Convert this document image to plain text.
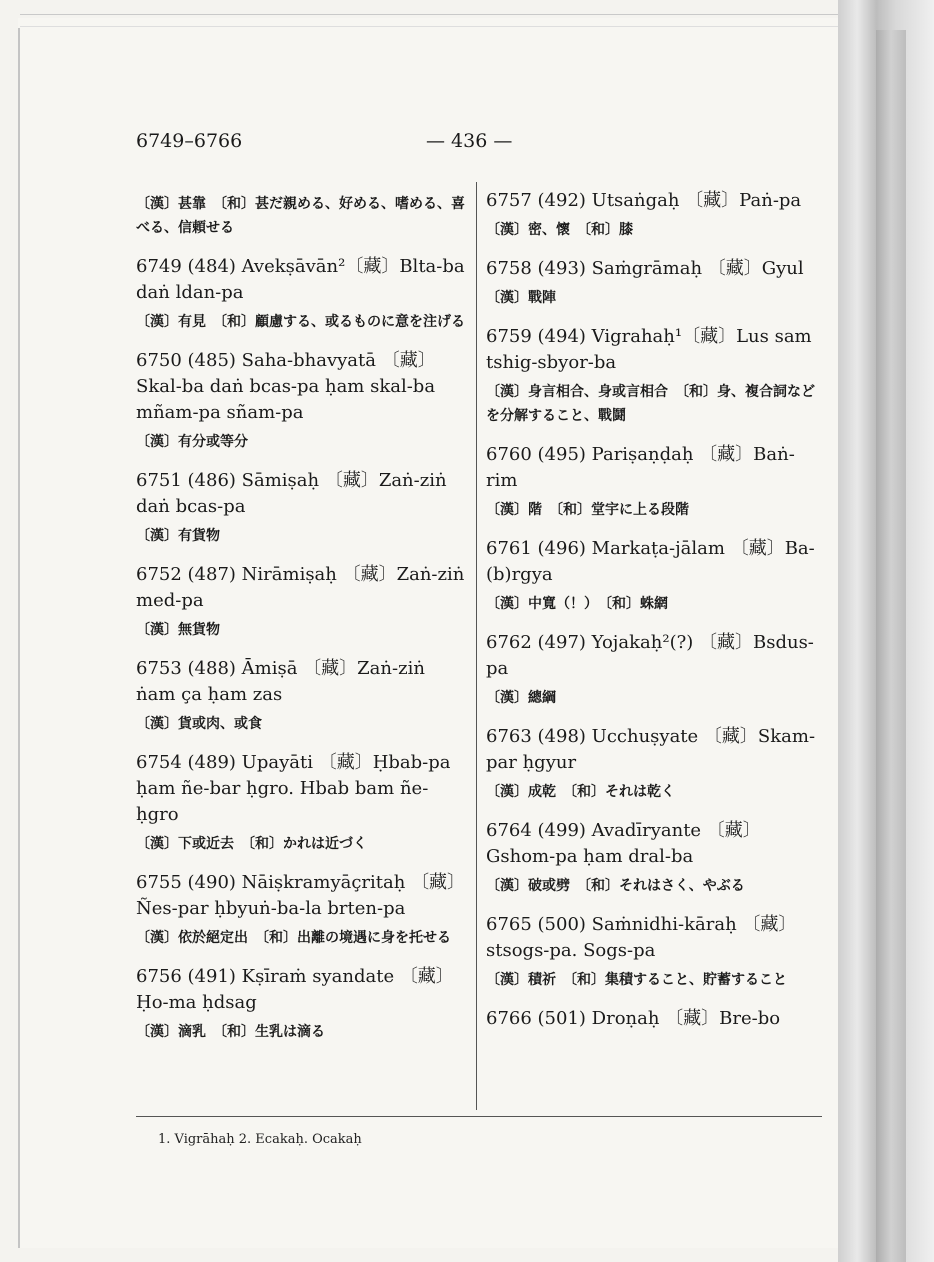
6749–6766	— 436 —
〔漢〕甚靠　〔和〕甚だ親める、好める、嗜める、喜べる、信頼せる
6749 (484) Avekṣāvān²〔藏〕Blta-ba daṅ ldan-pa
〔漢〕有見　〔和〕顧慮する、或るものに意を注げる
6750 (485) Saha-bhavyatā 〔藏〕Skal-ba daṅ bcas-pa ḥam skal-ba mñam-pa sñam-pa
〔漢〕有分或等分
6751 (486) Sāmiṣaḥ 〔藏〕Zaṅ-ziṅ daṅ bcas-pa
〔漢〕有貨物
6752 (487) Nirāmiṣaḥ 〔藏〕Zaṅ-ziṅ med-pa
〔漢〕無貨物
6753 (488) Āmiṣā 〔藏〕Zaṅ-ziṅ ṅam ça ḥam zas
〔漢〕貨或肉、或食
6754 (489) Upayāti 〔藏〕Ḥbab-pa ḥam ñe-bar ḥgro. Hbab bam ñe-ḥgro
〔漢〕下或近去　〔和〕かれは近づく
6755 (490) Nāiṣkramyāçritaḥ 〔藏〕Ñes-par ḥbyuṅ-ba-la brten-pa
〔漢〕依於絕定出　〔和〕出離の境遇に身を托せる
6756 (491) Kṣīraṁ syandate 〔藏〕Ḥo-ma ḥdsag
〔漢〕滴乳　〔和〕生乳は滴る
6757 (492) Utsaṅgaḥ 〔藏〕Paṅ-pa
〔漢〕密、懷　〔和〕膝
6758 (493) Saṁgrāmaḥ 〔藏〕Gyul
〔漢〕戰陣
6759 (494) Vigrahaḥ¹〔藏〕Lus sam tshig-sbyor-ba
〔漢〕身言相合、身或言相合　〔和〕身、複合詞などを分解すること、戰鬪
6760 (495) Pariṣaṇḍaḥ 〔藏〕Baṅ-rim
〔漢〕階　〔和〕堂宇に上る段階
6761 (496) Markaṭa-jālam 〔藏〕Ba-(b)rgya
〔漢〕中寬（！）　〔和〕蛛網
6762 (497) Yojakaḥ²(?) 〔藏〕Bsdus-pa
〔漢〕總綱
6763 (498) Ucchuṣyate 〔藏〕Skam-par ḥgyur
〔漢〕成乾　〔和〕それは乾く
6764 (499) Avadīryante 〔藏〕Gshom-pa ḥam dral-ba
〔漢〕破或劈　〔和〕それはさく、やぶる
6765 (500) Saṁnidhi-kāraḥ 〔藏〕stsogs-pa. Sogs-pa
〔漢〕積祈　〔和〕集積すること、貯蓄すること
6766 (501) Droṇaḥ 〔藏〕Bre-bo
1. Vigrāhaḥ 2. Ecakaḥ. Ocakaḥ
